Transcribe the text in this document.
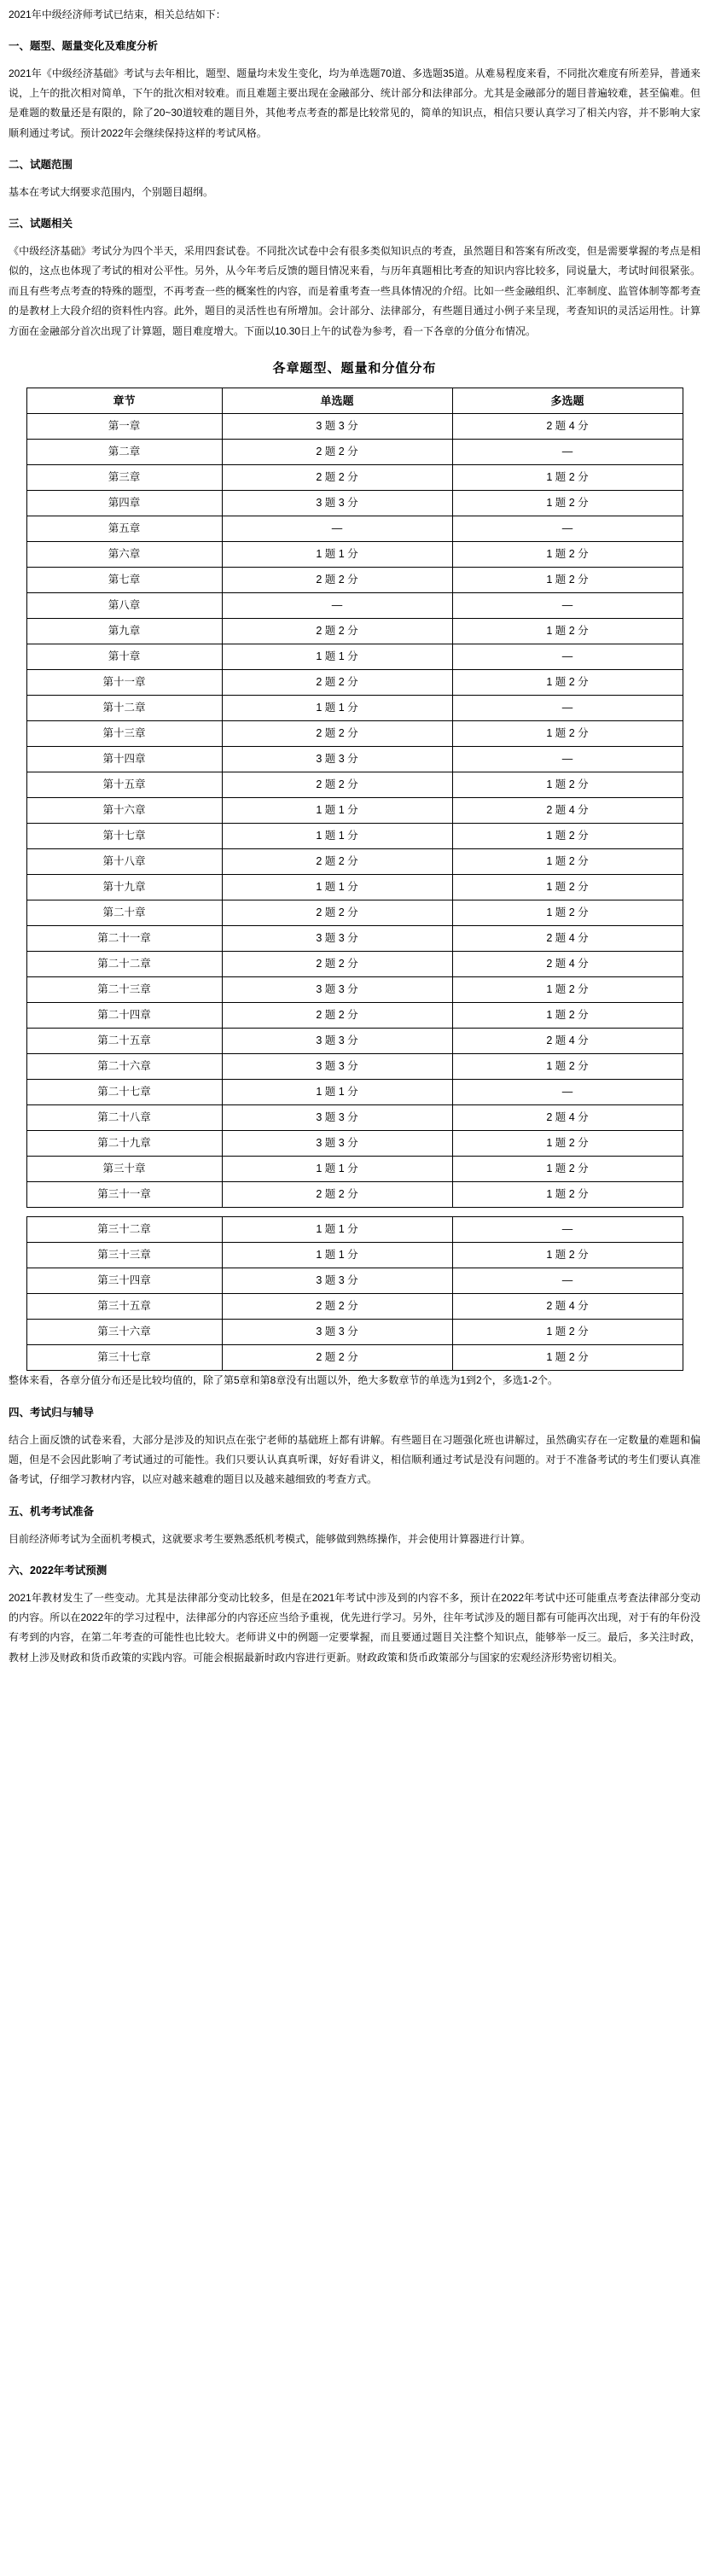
2021年中级经济师考试已结束，相关总结如下：

一、题型、题量变化及难度分析

2021年《中级经济基础》考试与去年相比，题型、题量均未发生变化，均为单选题70道、多选题35道。从难易程度来看，不同批次难度有所差异，普通来说，上午的批次相对简单，下午的批次相对较难。而且难题主要出现在金融部分、统计部分和法律部分。尤其是金融部分的题目普遍较难，甚至偏难。但是难题的数量还是有限的，除了20~30道较难的题目外，其他考点考查的都是比较常见的，简单的知识点，相信只要认真学习了相关内容，并不影响大家顺利通过考试。预计2022年会继续保持这样的考试风格。

二、试题范围

基本在考试大纲要求范围内，个别题目超纲。

三、试题相关

《中级经济基础》考试分为四个半天，采用四套试卷。不同批次试卷中会有很多类似知识点的考查，虽然题目和答案有所改变，但是需要掌握的考点是相似的，这点也体现了考试的相对公平性。另外，从今年考后反馈的题目情况来看，与历年真题相比考查的知识内容比较多，同说量大，考试时间很紧张。而且有些考点考查的特殊的题型，不再考查一些的概案性的内容，而是着重考查一些具体情况的介绍。比如一些金融组织、汇率制度、监管体制等都考查的是教材上大段介绍的资料性内容。此外，题目的灵活性也有所增加。会计部分、法律部分，有些题目通过小例子来呈现，考查知识的灵活运用性。计算方面在金融部分首次出现了计算题，题目难度增大。下面以10.30日上午的试卷为参考，看一下各章的分值分布情况。

各章题型、题量和分值分布
章节	单选题	多选题
第一章	3 题 3 分	2 题 4 分
第二章	2 题 2 分	—
第三章	2 题 2 分	1 题 2 分
第四章	3 题 3 分	1 题 2 分
第五章	—	—
第六章	1 题 1 分	1 题 2 分
第七章	2 题 2 分	1 题 2 分
第八章	—	—
第九章	2 题 2 分	1 题 2 分
第十章	1 题 1 分	—
第十一章	2 题 2 分	1 题 2 分
第十二章	1 题 1 分	—
第十三章	2 题 2 分	1 题 2 分
第十四章	3 题 3 分	—
第十五章	2 题 2 分	1 题 2 分
第十六章	1 题 1 分	2 题 4 分
第十七章	1 题 1 分	1 题 2 分
第十八章	2 题 2 分	1 题 2 分
第十九章	1 题 1 分	1 题 2 分
第二十章	2 题 2 分	1 题 2 分
第二十一章	3 题 3 分	2 题 4 分
第二十二章	2 题 2 分	2 题 4 分
第二十三章	3 题 3 分	1 题 2 分
第二十四章	2 题 2 分	1 题 2 分
第二十五章	3 题 3 分	2 题 4 分
第二十六章	3 题 3 分	1 题 2 分
第二十七章	1 题 1 分	—
第二十八章	3 题 3 分	2 题 4 分
第二十九章	3 题 3 分	1 题 2 分
第三十章	1 题 1 分	1 题 2 分
第三十一章	2 题 2 分	1 题 2 分
第三十二章	1 题 1 分	—
第三十三章	1 题 1 分	1 题 2 分
第三十四章	3 题 3 分	—
第三十五章	2 题 2 分	2 题 4 分
第三十六章	3 题 3 分	1 题 2 分
第三十七章	2 题 2 分	1 题 2 分

整体来看，各章分值分布还是比较均值的，除了第5章和第8章没有出题以外，绝大多数章节的单选为1到2个，多选1-2个。

四、考试归与辅导

结合上面反馈的试卷来看，大部分是涉及的知识点在张宁老师的基础班上都有讲解。有些题目在习题强化班也讲解过，虽然确实存在一定数量的难题和偏题，但是不会因此影响了考试通过的可能性。我们只要认认真真听课，好好看讲义，相信顺利通过考试是没有问题的。对于不准备考试的考生们要认真准备考试，仔细学习教材内容，以应对越来越难的题目以及越来越细致的考查方式。

五、机考考试准备

目前经济师考试为全面机考模式，这就要求考生要熟悉纸机考模式，能够做到熟练操作，并会使用计算器进行计算。

六、2022年考试预测

2021年教材发生了一些变动。尤其是法律部分变动比较多，但是在2021年考试中涉及到的内容不多，预计在2022年考试中还可能重点考查法律部分变动的内容。所以在2022年的学习过程中，法律部分的内容还应当给予重视，优先进行学习。另外，往年考试涉及的题目都有可能再次出现，对于有的年份没有考到的内容，在第二年考查的可能性也比较大。老师讲义中的例题一定要掌握，而且要通过题目关注整个知识点，能够举一反三。最后，多关注时政，教材上涉及财政和货币政策的实践内容。可能会根据最新时政内容进行更新。财政政策和货币政策部分与国家的宏观经济形势密切相关。
